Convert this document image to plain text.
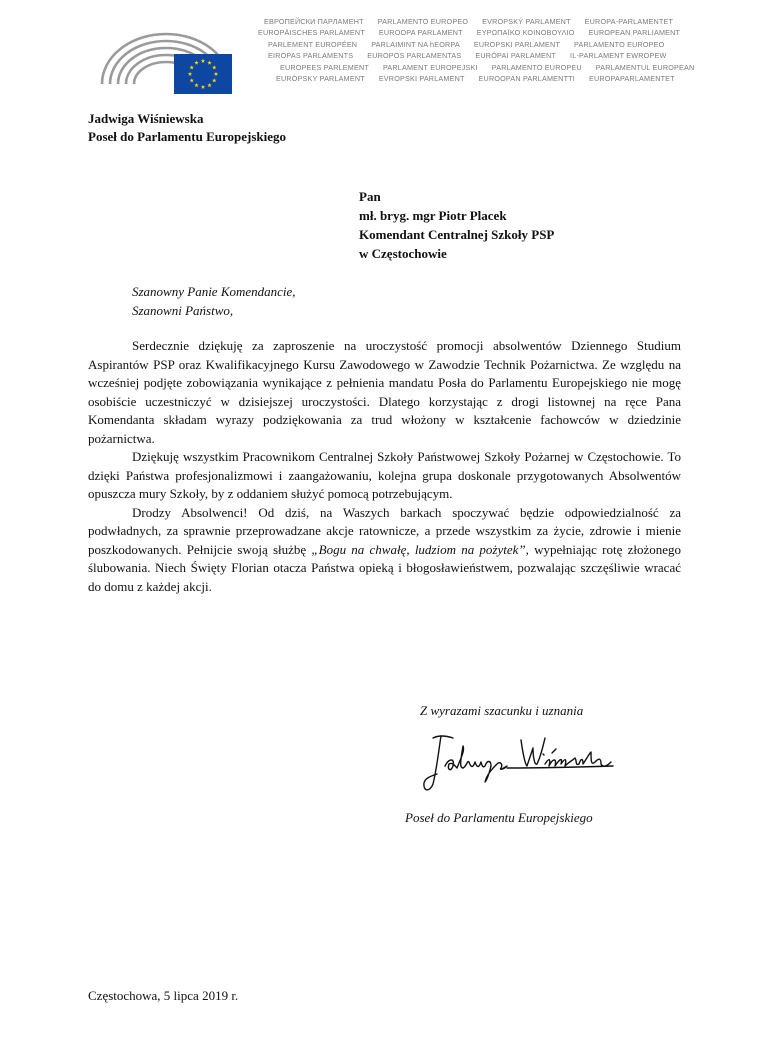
ЕВРОПЕЙСКИ ПАРЛАМЕНТ PARLAMENTO EUROPEO EVROPSKÝ PARLAMENT EUROPA-PARLAMENTET
EUROPÄISCHES PARLAMENT EUROOPA PARLAMENT ΕΥΡΩΠΑΪΚΟ ΚΟΙΝΟΒΟΥΛΙΟ EUROPEAN PARLIAMENT
PARLEMENT EUROPÉEN PARLAIMINT NA hEORPA EUROPSKI PARLAMENT PARLAMENTO EUROPEO
EIROPAS PARLAMENTS EUROPOS PARLAMENTAS EURÓPAI PARLAMENT IL-PARLAMENT EWROPEW
EUROPEES PARLEMENT PARLAMENT EUROPEJSKI PARLAMENTO EUROPEU PARLAMENTUL EUROPEAN
EURÓPSKY PARLAMENT EVROPSKI PARLAMENT EUROOPAN PARLAMENTTI EUROPAPARLAMENTET
Jadwiga Wiśniewska
Poseł do Parlamentu Europejskiego
Pan
mł. bryg. mgr Piotr Placek
Komendant Centralnej Szkoły PSP
w Częstochowie
Szanowny Panie Komendancie,
Szanowni Państwo,

Serdecznie dziękuję za zaproszenie na uroczystość promocji absolwentów Dziennego Studium Aspirantów PSP oraz Kwalifikacyjnego Kursu Zawodowego w Zawodzie Technik Pożarnictwa. Ze względu na wcześniej podjęte zobowiązania wynikające z pełnienia mandatu Posła do Parlamentu Europejskiego nie mogę osobiście uczestniczyć w dzisiejszej uroczystości. Dlatego korzystając z drogi listownej na ręce Pana Komendanta składam wyrazy podziękowania za trud włożony w kształcenie fachowców w dziedzinie pożarnictwa.

Dziękuję wszystkim Pracownikom Centralnej Szkoły Państwowej Szkoły Pożarnej w Częstochowie. To dzięki Państwa profesjonalizmowi i zaangażowaniu, kolejna grupa doskonale przygotowanych Absolwentów opuszcza mury Szkoły, by z oddaniem służyć pomocą potrzebującym.

Drodzy Absolwenci! Od dziś, na Waszych barkach spoczywać będzie odpowiedzialność za podwładnych, za sprawnie przeprowadzane akcje ratownicze, a przede wszystkim za życie, zdrowie i mienie poszkodowanych. Pełnijcie swoją służbę „Bogu na chwałę, ludziom na pożytek”, wypełniając rotę złożonego ślubowania. Niech Święty Florian otacza Państwa opieką i błogosławieństwem, pozwalając szczęśliwie wracać do domu z każdej akcji.

Z wyrazami szacunku i uznania
Poseł do Parlamentu Europejskiego
Częstochowa, 5 lipca 2019 r.
